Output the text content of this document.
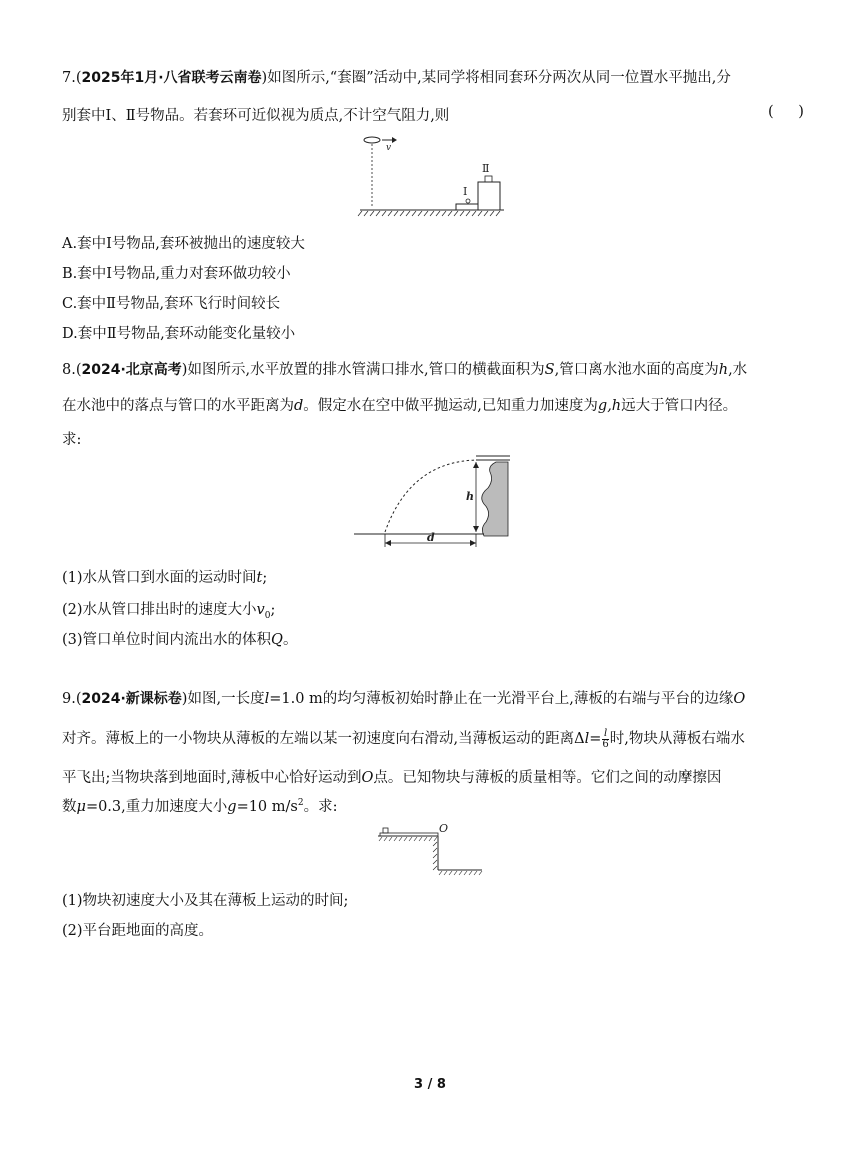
7.(2025年1月·八省联考云南卷)如图所示,“套圈”活动中,某同学将相同套环分两次从同一位置水平抛出,分
别套中Ⅰ、Ⅱ号物品。若套环可近似视为质点,不计空气阻力,则	( )
v
Ⅰ
Ⅱ
A.套中Ⅰ号物品,套环被抛出的速度较大
B.套中Ⅰ号物品,重力对套环做功较小
C.套中Ⅱ号物品,套环飞行时间较长
D.套中Ⅱ号物品,套环动能变化量较小
8.(2024·北京高考)如图所示,水平放置的排水管满口排水,管口的横截面积为S,管口离水池水面的高度为h,水
在水池中的落点与管口的水平距离为d。假定水在空中做平抛运动,已知重力加速度为g,h远大于管口内径。
求:
h
d
(1)水从管口到水面的运动时间t;
(2)水从管口排出时的速度大小$v_0$;
(3)管口单位时间内流出水的体积Q。
9.(2024·新课标卷)如图,一长度l=1.0 m的均匀薄板初始时静止在一光滑平台上,薄板的右端与平台的边缘O
对齐。薄板上的一小物块从薄板的左端以某一初速度向右滑动,当薄板运动的距离$\Delta l= \frac{l}{6}$ 时,物块从薄板右端水
平飞出;当物块落到地面时,薄板中心恰好运动到O点。已知物块与薄板的质量相等。它们之间的动摩擦因
数μ=0.3,重力加速度大小g=10 $m/s^2$。求:
O
(1)物块初速度大小及其在薄板上运动的时间;
(2)平台距地面的高度。
3 / 8
